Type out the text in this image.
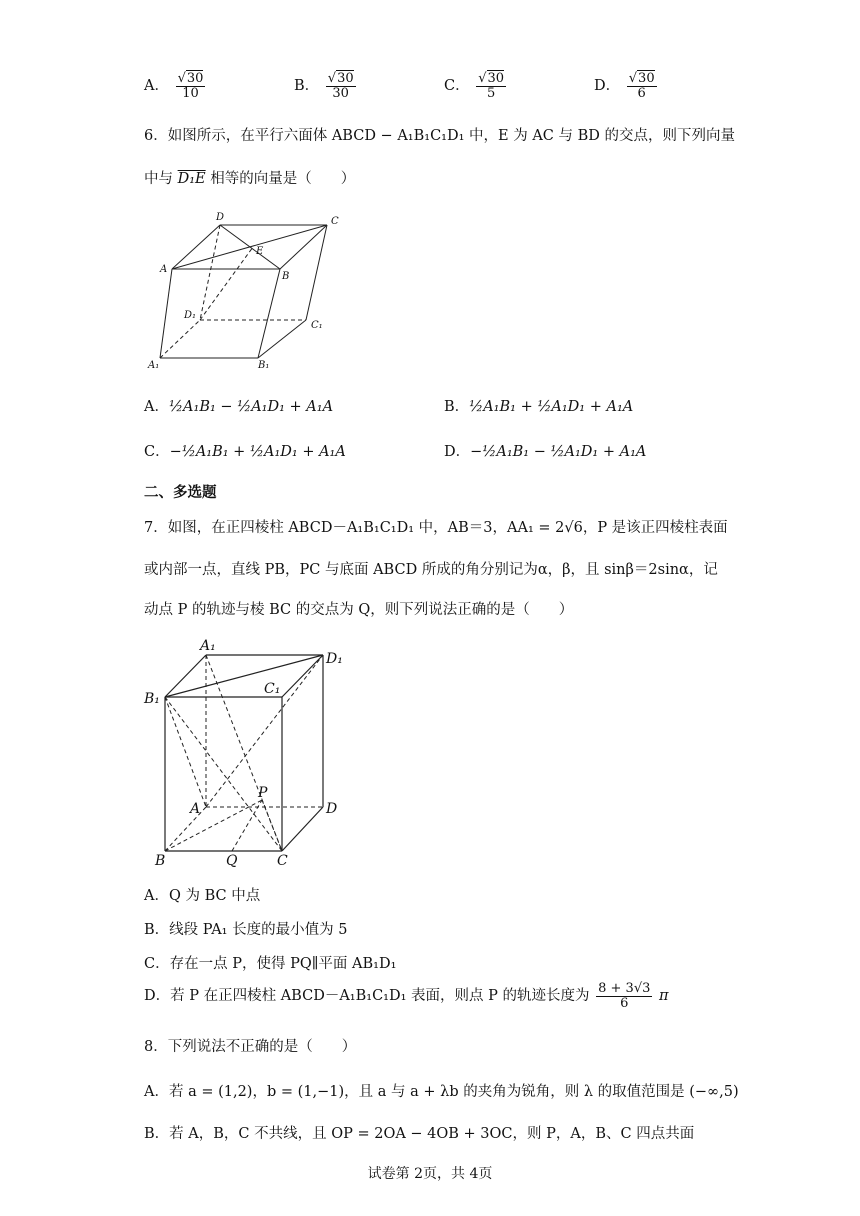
A． $\frac{√30}{10}$	B． $\frac{√30}{30}$	C． $\frac{√30}{5}$	D． $\frac{√30}{6}$
6．如图所示，在平行六面体 ABCD − A₁B₁C₁D₁ 中，E 为 AC 与 BD 的交点，则下列向量
中与 D₁E 相等的向量是（　　）
D	C
A
E
B
D₁
C₁
A₁	B₁
A．½A₁B₁ − ½A₁D₁ + A₁A	B．½A₁B₁ + ½A₁D₁ + A₁A
C．−½A₁B₁ + ½A₁D₁ + A₁A	D．−½A₁B₁ − ½A₁D₁ + A₁A
二、多选题
7．如图，在正四棱柱 ABCD－A₁B₁C₁D₁ 中，AB＝3，AA₁ = 2√6，P 是该正四棱柱表面
或内部一点，直线 PB，PC 与底面 ABCD 所成的角分别记为α，β，且 sinβ＝2sinα，记
动点 P 的轨迹与棱 BC 的交点为 Q，则下列说法正确的是（　　）
A₁
D₁
B₁
C₁
P
A	D
B	Q	C
A．Q 为 BC 中点
B．线段 PA₁ 长度的最小值为 5
C．存在一点 P，使得 PQ∥平面 AB₁D₁
D．若 P 在正四棱柱 ABCD－A₁B₁C₁D₁ 表面，则点 P 的轨迹长度为 $\frac{8 + 3√3}{6}$ π
8．下列说法不正确的是（　　）
A．若 a = (1,2)，b = (1,−1)，且 a 与 a + λb 的夹角为锐角，则 λ 的取值范围是 (−∞,5)
B．若 A，B，C 不共线，且 OP = 2OA − 4OB + 3OC，则 P，A，B、C 四点共面
试卷第 2页，共 4页
